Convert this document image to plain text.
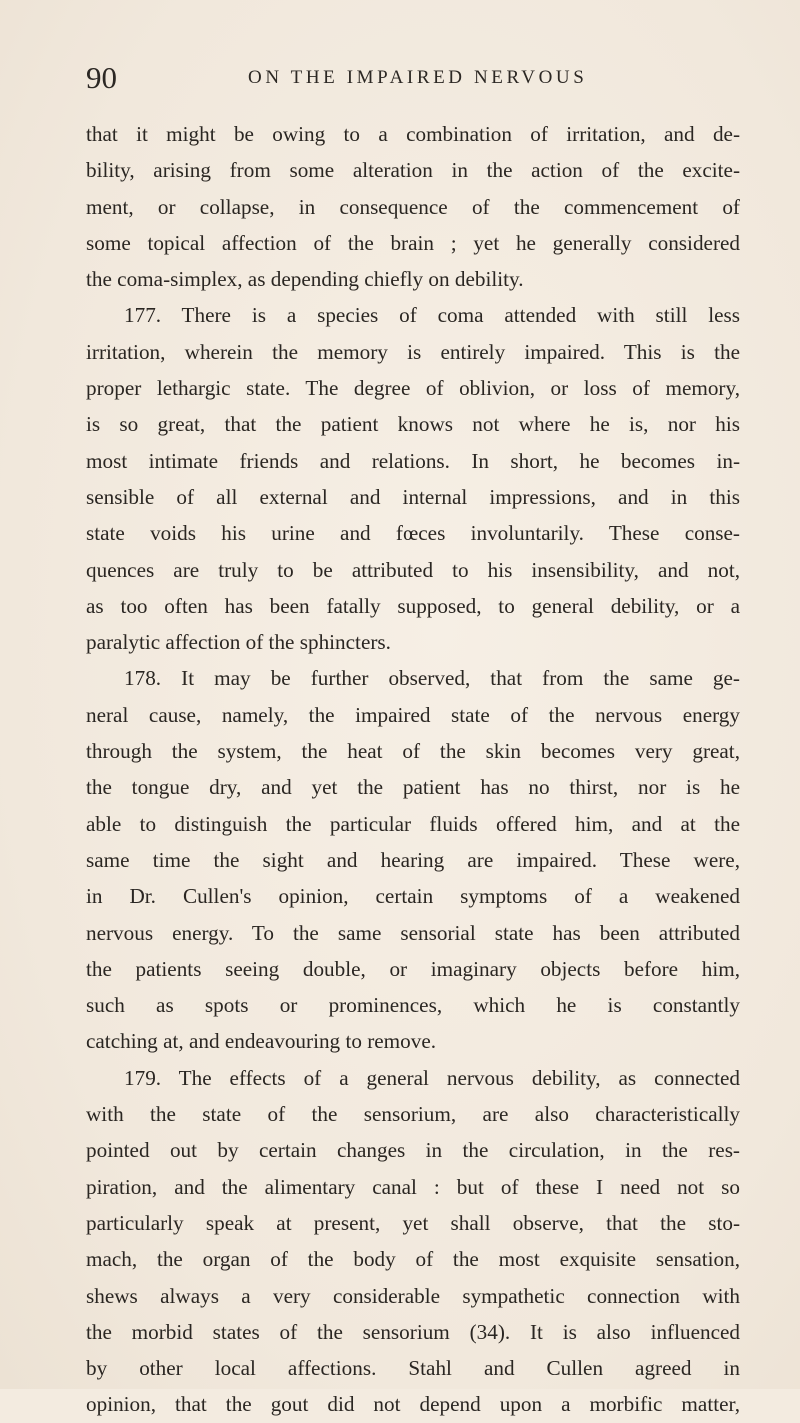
90	ON THE IMPAIRED NERVOUS
that it might be owing to a combination of irritation, and de-
bility, arising from some alteration in the action of the excite-
ment, or collapse, in consequence of the commencement of
some topical affection of the brain ; yet he generally considered
the coma-simplex, as depending chiefly on debility.
177. There is a species of coma attended with still less
irritation, wherein the memory is entirely impaired. This is the
proper lethargic state. The degree of oblivion, or loss of memory,
is so great, that the patient knows not where he is, nor his
most intimate friends and relations. In short, he becomes in-
sensible of all external and internal impressions, and in this
state voids his urine and fœces involuntarily. These conse-
quences are truly to be attributed to his insensibility, and not,
as too often has been fatally supposed, to general debility, or a
paralytic affection of the sphincters.
178. It may be further observed, that from the same ge-
neral cause, namely, the impaired state of the nervous energy
through the system, the heat of the skin becomes very great,
the tongue dry, and yet the patient has no thirst, nor is he
able to distinguish the particular fluids offered him, and at the
same time the sight and hearing are impaired. These were,
in Dr. Cullen's opinion, certain symptoms of a weakened
nervous energy. To the same sensorial state has been attributed
the patients seeing double, or imaginary objects before him,
such as spots or prominences, which he is constantly
catching at, and endeavouring to remove.
179. The effects of a general nervous debility, as connected
with the state of the sensorium, are also characteristically
pointed out by certain changes in the circulation, in the res-
piration, and the alimentary canal : but of these I need not so
particularly speak at present, yet shall observe, that the sto-
mach, the organ of the body of the most exquisite sensation,
shews always a very considerable sympathetic connection with
the morbid states of the sensorium (34). It is also influenced
by other local affections. Stahl and Cullen agreed in
opinion, that the gout did not depend upon a morbific matter,
